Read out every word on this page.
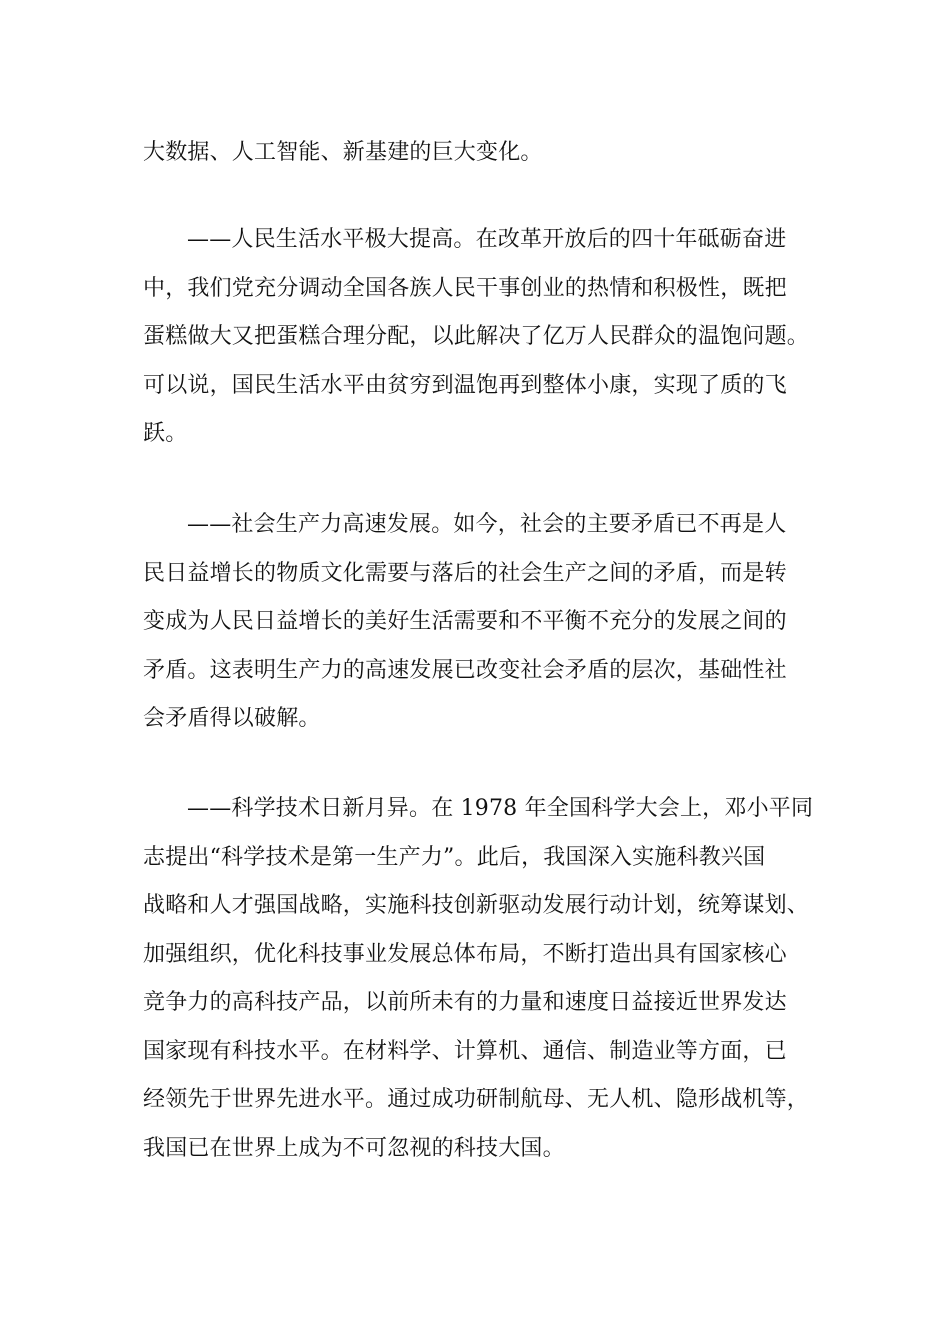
大数据、人工智能、新基建的巨大变化。
——人民生活水平极大提高。在改革开放后的四十年砥砺奋进
中，我们党充分调动全国各族人民干事创业的热情和积极性，既把
蛋糕做大又把蛋糕合理分配，以此解决了亿万人民群众的温饱问题。
可以说，国民生活水平由贫穷到温饱再到整体小康，实现了质的飞
跃。
——社会生产力高速发展。如今，社会的主要矛盾已不再是人
民日益增长的物质文化需要与落后的社会生产之间的矛盾，而是转
变成为人民日益增长的美好生活需要和不平衡不充分的发展之间的
矛盾。这表明生产力的高速发展已改变社会矛盾的层次，基础性社
会矛盾得以破解。
——科学技术日新月异。在 1978 年全国科学大会上，邓小平同
志提出“科学技术是第一生产力”。此后，我国深入实施科教兴国
战略和人才强国战略，实施科技创新驱动发展行动计划，统筹谋划、
加强组织，优化科技事业发展总体布局，不断打造出具有国家核心
竞争力的高科技产品，以前所未有的力量和速度日益接近世界发达
国家现有科技水平。在材料学、计算机、通信、制造业等方面，已
经领先于世界先进水平。通过成功研制航母、无人机、隐形战机等，
我国已在世界上成为不可忽视的科技大国。
